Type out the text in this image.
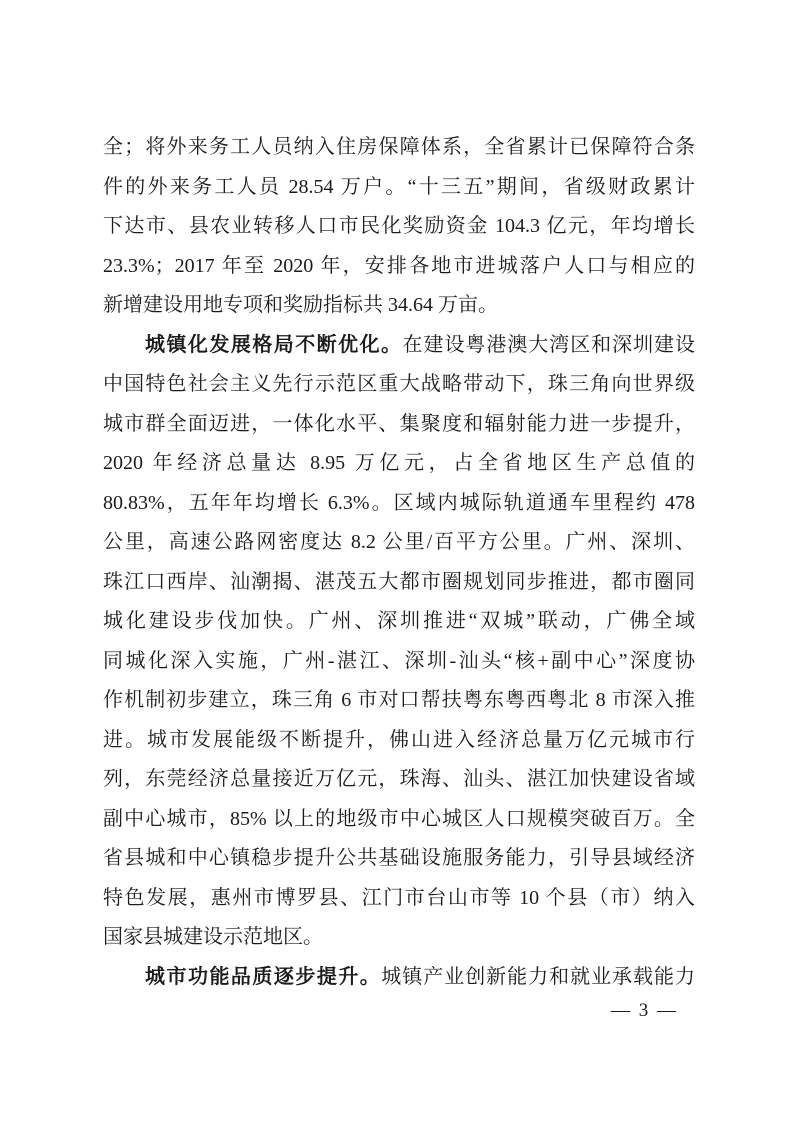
全；将外来务工人员纳入住房保障体系，全省累计已保障符合条
件的外来务工人员 28.54 万户。“十三五”期间，省级财政累计
下达市、县农业转移人口市民化奖励资金 104.3 亿元，年均增长
23.3%；2017 年至 2020 年，安排各地市进城落户人口与相应的
新增建设用地专项和奖励指标共 34.64 万亩。
城镇化发展格局不断优化。在建设粤港澳大湾区和深圳建设
中国特色社会主义先行示范区重大战略带动下，珠三角向世界级
城市群全面迈进，一体化水平、集聚度和辐射能力进一步提升，
2020 年经济总量达 8.95 万亿元，占全省地区生产总值的
80.83%，五年年均增长 6.3%。区域内城际轨道通车里程约 478
公里，高速公路网密度达 8.2 公里/百平方公里。广州、深圳、
珠江口西岸、汕潮揭、湛茂五大都市圈规划同步推进，都市圈同
城化建设步伐加快。广州、深圳推进“双城”联动，广佛全域
同城化深入实施，广州-湛江、深圳-汕头“核+副中心”深度协
作机制初步建立，珠三角 6 市对口帮扶粤东粤西粤北 8 市深入推
进。城市发展能级不断提升，佛山进入经济总量万亿元城市行
列，东莞经济总量接近万亿元，珠海、汕头、湛江加快建设省域
副中心城市，85% 以上的地级市中心城区人口规模突破百万。全
省县城和中心镇稳步提升公共基础设施服务能力，引导县域经济
特色发展，惠州市博罗县、江门市台山市等 10 个县（市）纳入
国家县城建设示范地区。
城市功能品质逐步提升。城镇产业创新能力和就业承载能力
— 3 —
